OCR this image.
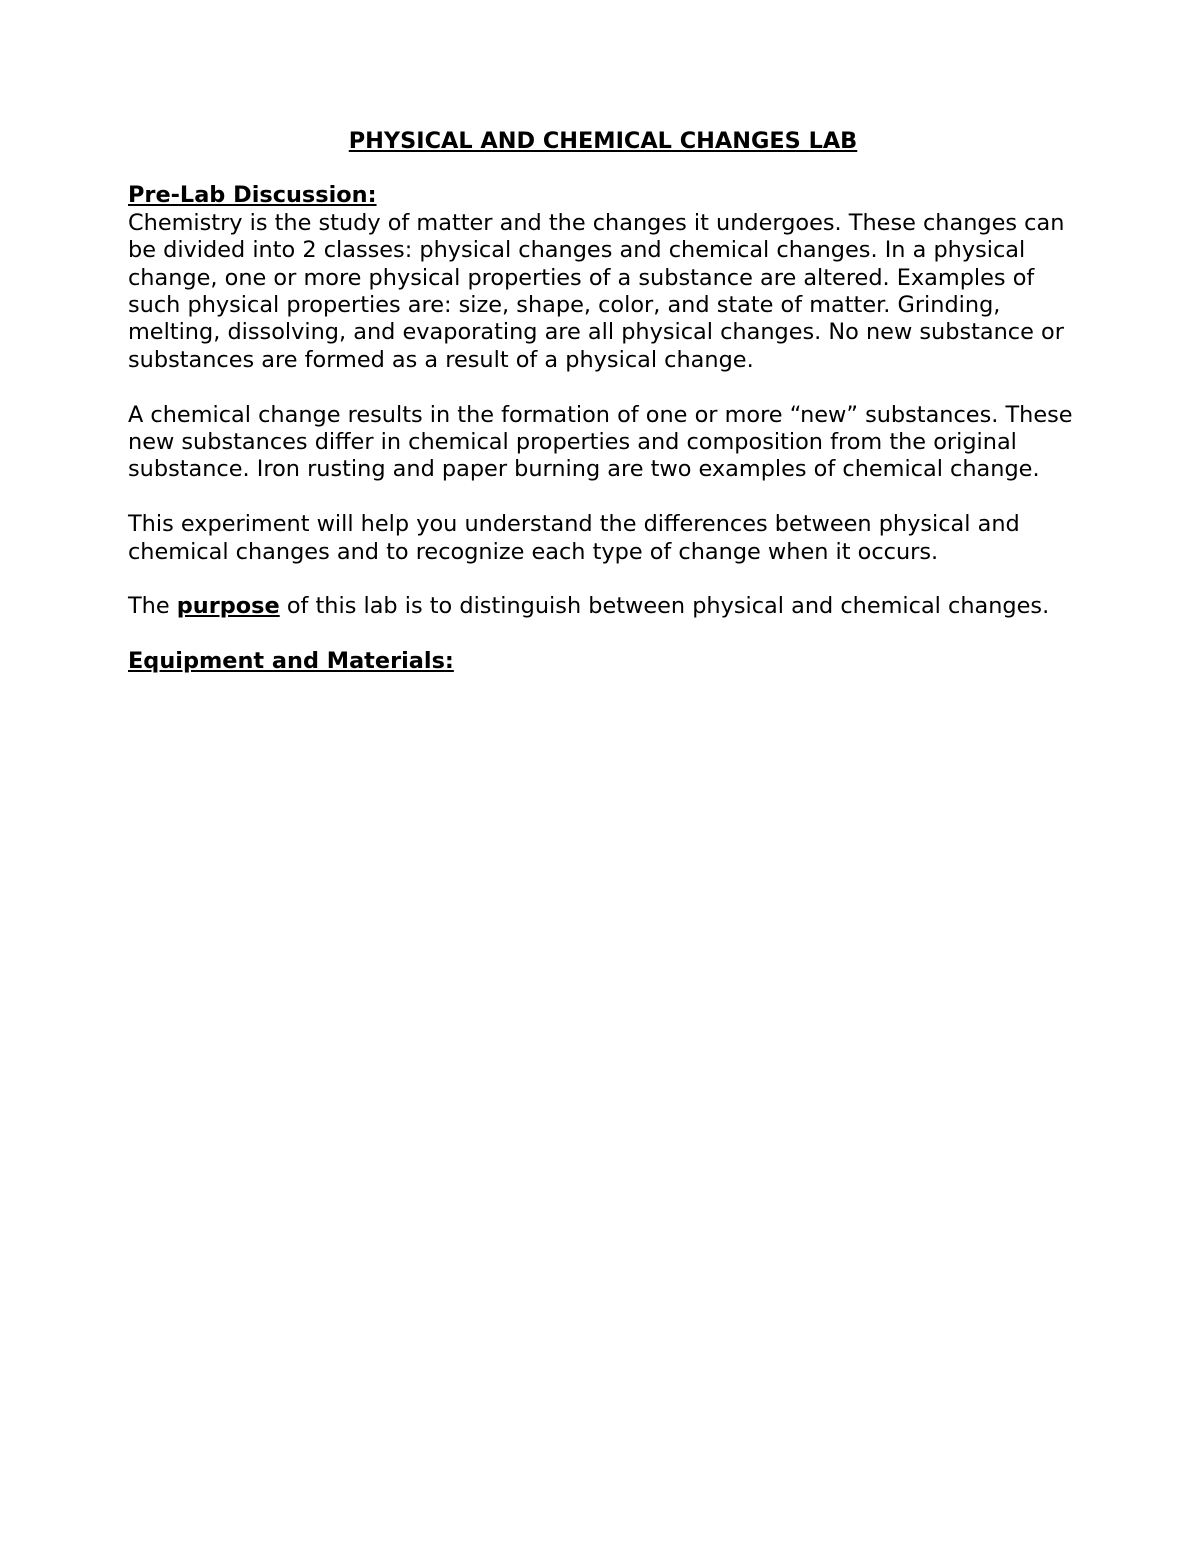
PHYSICAL AND CHEMICAL CHANGES LAB
Pre-Lab Discussion:

Chemistry is the study of matter and the changes it undergoes. These changes can be divided into 2 classes: physical changes and chemical changes. In a physical change, one or more physical properties of a substance are altered. Examples of such physical properties are: size, shape, color, and state of matter. Grinding, melting, dissolving, and evaporating are all physical changes. No new substance or substances are formed as a result of a physical change.

A chemical change results in the formation of one or more “new” substances. These new substances differ in chemical properties and composition from the original substance. Iron rusting and paper burning are two examples of chemical change.

This experiment will help you understand the differences between physical and chemical changes and to recognize each type of change when it occurs.

The purpose of this lab is to distinguish between physical and chemical changes.

Equipment and Materials:
